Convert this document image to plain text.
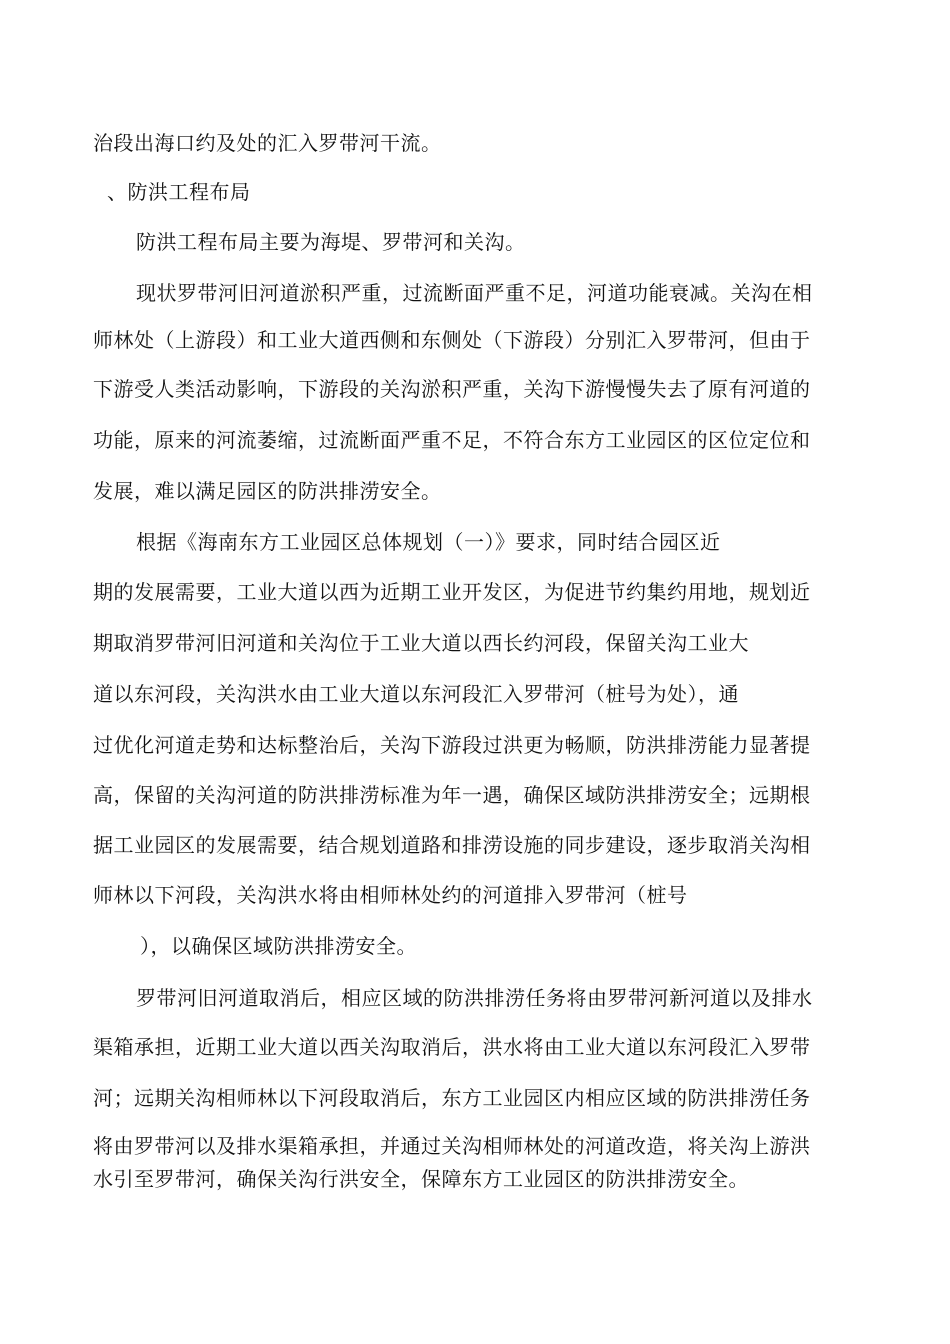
治段出海口约及处的汇入罗带河干流。
、防洪工程布局
防洪工程布局主要为海堤、罗带河和关沟。
现状罗带河旧河道淤积严重，过流断面严重不足，河道功能衰减。关沟在相
师林处（上游段）和工业大道西侧和东侧处（下游段）分别汇入罗带河，但由于
下游受人类活动影响，下游段的关沟淤积严重，关沟下游慢慢失去了原有河道的
功能，原来的河流萎缩，过流断面严重不足，不符合东方工业园区的区位定位和
发展，难以满足园区的防洪排涝安全。
根据《海南东方工业园区总体规划（一）》要求，同时结合园区近
期的发展需要，工业大道以西为近期工业开发区，为促进节约集约用地，规划近
期取消罗带河旧河道和关沟位于工业大道以西长约河段，保留关沟工业大
道以东河段，关沟洪水由工业大道以东河段汇入罗带河（桩号为处），通
过优化河道走势和达标整治后，关沟下游段过洪更为畅顺，防洪排涝能力显著提
高，保留的关沟河道的防洪排涝标准为年一遇，确保区域防洪排涝安全；远期根
据工业园区的发展需要，结合规划道路和排涝设施的同步建设，逐步取消关沟相
师林以下河段，关沟洪水将由相师林处约的河道排入罗带河（桩号
），以确保区域防洪排涝安全。
罗带河旧河道取消后，相应区域的防洪排涝任务将由罗带河新河道以及排水
渠箱承担，近期工业大道以西关沟取消后，洪水将由工业大道以东河段汇入罗带
河；远期关沟相师林以下河段取消后，东方工业园区内相应区域的防洪排涝任务
将由罗带河以及排水渠箱承担，并通过关沟相师林处的河道改造，将关沟上游洪
水引至罗带河，确保关沟行洪安全，保障东方工业园区的防洪排涝安全。
